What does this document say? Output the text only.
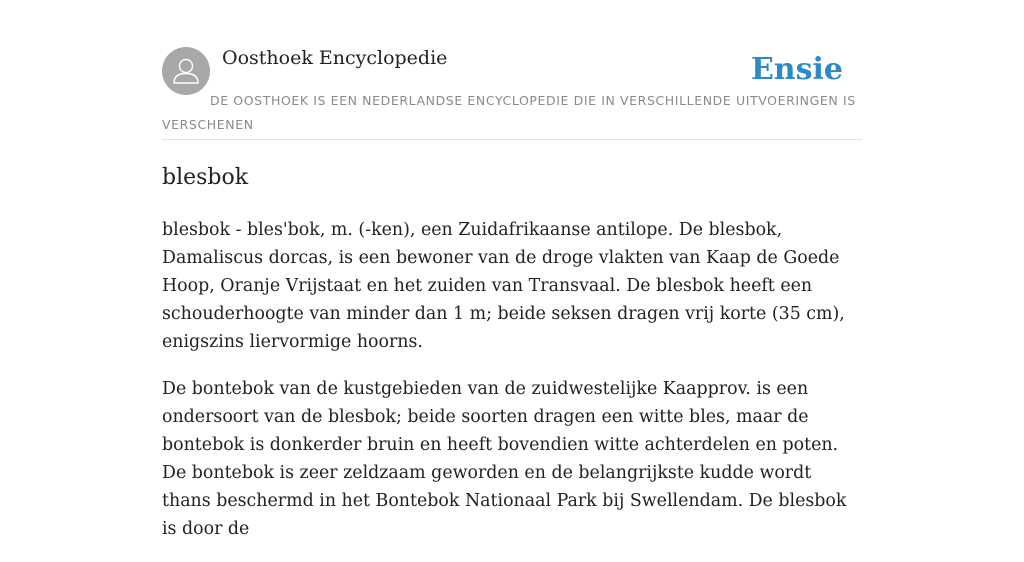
Oosthoek Encyclopedie	Ensie
DE OOSTHOEK IS EEN NEDERLANDSE ENCYCLOPEDIE DIE IN VERSCHILLENDE UITVOERINGEN IS VERSCHENEN
blesbok

blesbok - bles'bok, m. (-ken), een Zuidafrikaanse antilope. De blesbok, Damaliscus dorcas, is een bewoner van de droge vlakten van Kaap de Goede Hoop, Oranje Vrijstaat en het zuiden van Transvaal. De blesbok heeft een schouderhoogte van minder dan 1 m; beide seksen dragen vrij korte (35 cm), enigszins liervormige hoorns.

De bontebok van de kustgebieden van de zuidwestelijke Kaapprov. is een ondersoort van de blesbok; beide soorten dragen een witte bles, maar de bontebok is donkerder bruin en heeft bovendien witte achterdelen en poten. De bontebok is zeer zeldzaam geworden en de belangrijkste kudde wordt thans beschermd in het Bontebok Nationaal Park bij Swellendam. De blesbok is door de
